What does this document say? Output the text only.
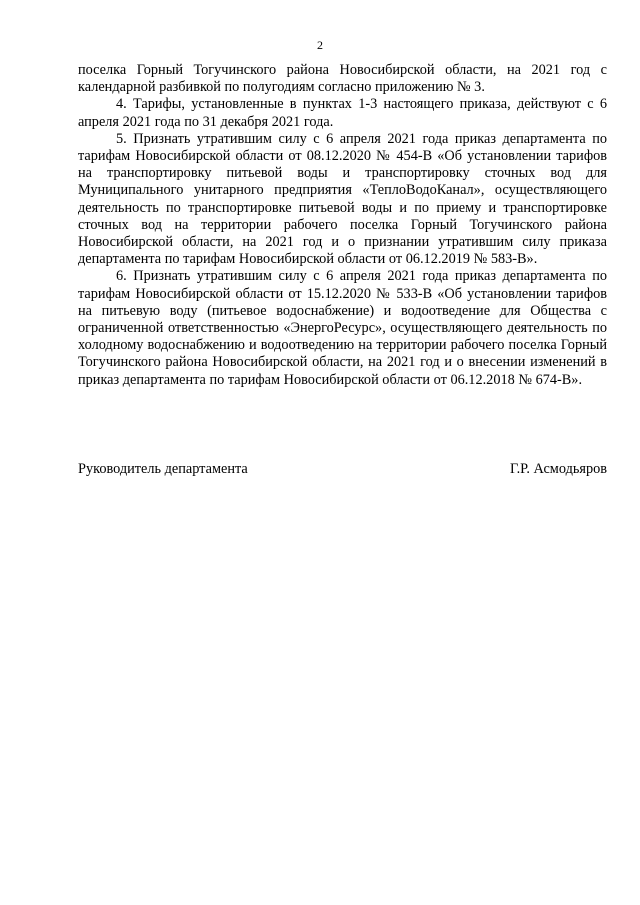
2

поселка Горный Тогучинского района Новосибирской области, на 2021 год с календарной разбивкой по полугодиям согласно приложению № 3.

4. Тарифы, установленные в пунктах 1-3 настоящего приказа, действуют с 6 апреля 2021 года по 31 декабря 2021 года.

5. Признать утратившим силу с 6 апреля 2021 года приказ департамента по тарифам Новосибирской области от 08.12.2020 № 454-В «Об установлении тарифов на транспортировку питьевой воды и транспортировку сточных вод для Муниципального унитарного предприятия «ТеплоВодоКанал», осуществляющего деятельность по транспортировке питьевой воды и по приему и транспортировке сточных вод на территории рабочего поселка Горный Тогучинского района Новосибирской области, на 2021 год и о признании утратившим силу приказа департамента по тарифам Новосибирской области от 06.12.2019 № 583-В».

6. Признать утратившим силу с 6 апреля 2021 года приказ департамента по тарифам Новосибирской области от 15.12.2020 № 533-В «Об установлении тарифов на питьевую воду (питьевое водоснабжение) и водоотведение для Общества с ограниченной ответственностью «ЭнергоРесурс», осуществляющего деятельность по холодному водоснабжению и водоотведению на территории рабочего поселка Горный Тогучинского района Новосибирской области, на 2021 год и о внесении изменений в приказ департамента по тарифам Новосибирской области от 06.12.2018 № 674-В».

Руководитель департамента	Г.Р. Асмодьяров
